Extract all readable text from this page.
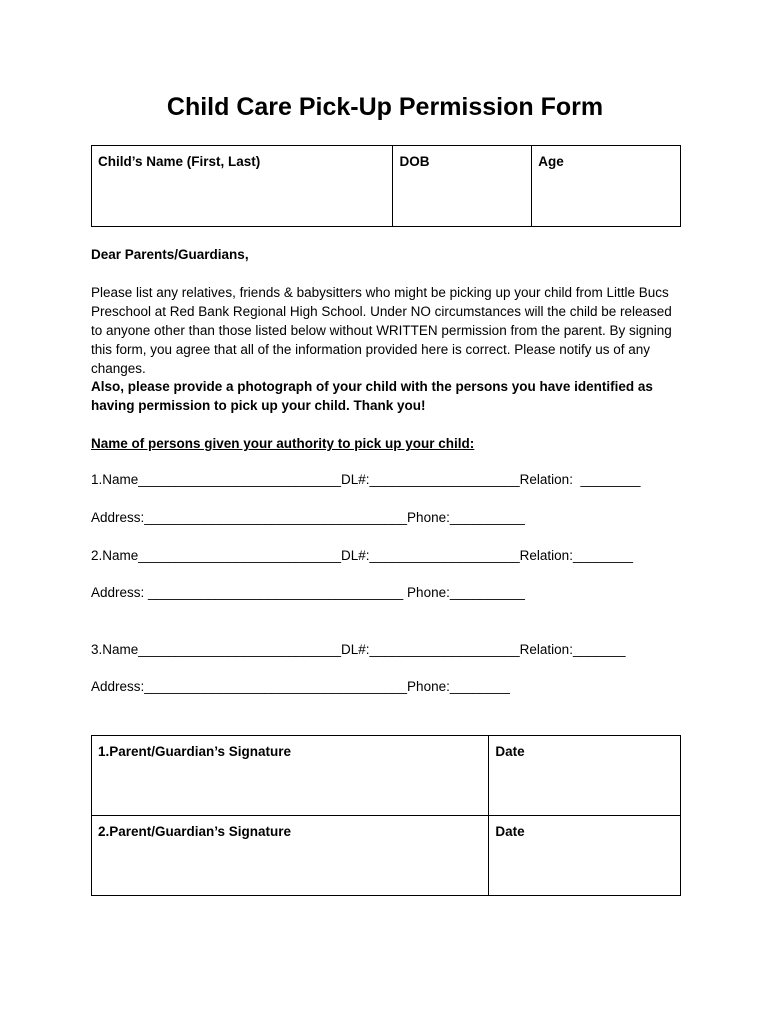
Child Care Pick-Up Permission Form
Child’s Name (First, Last)	DOB	Age
Dear Parents/Guardians,
Please list any relatives, friends & babysitters who might be picking up your child from Little Bucs Preschool at Red Bank Regional High School. Under NO circumstances will the child be released to anyone other than those listed below without WRITTEN permission from the parent. By signing this form, you agree that all of the information provided here is correct. Please notify us of any changes.
Also, please provide a photograph of your child with the persons you have identified as having permission to pick up your child. Thank you!
Name of persons given your authority to pick up your child:
1.Name___________________________DL#:____________________Relation:  ________
Address:___________________________________Phone:__________
2.Name___________________________DL#:____________________Relation:________
Address: __________________________________ Phone:__________
3.Name___________________________DL#:____________________Relation:_______
Address:___________________________________Phone:________
1.Parent/Guardian’s Signature	Date
2.Parent/Guardian’s Signature	Date
